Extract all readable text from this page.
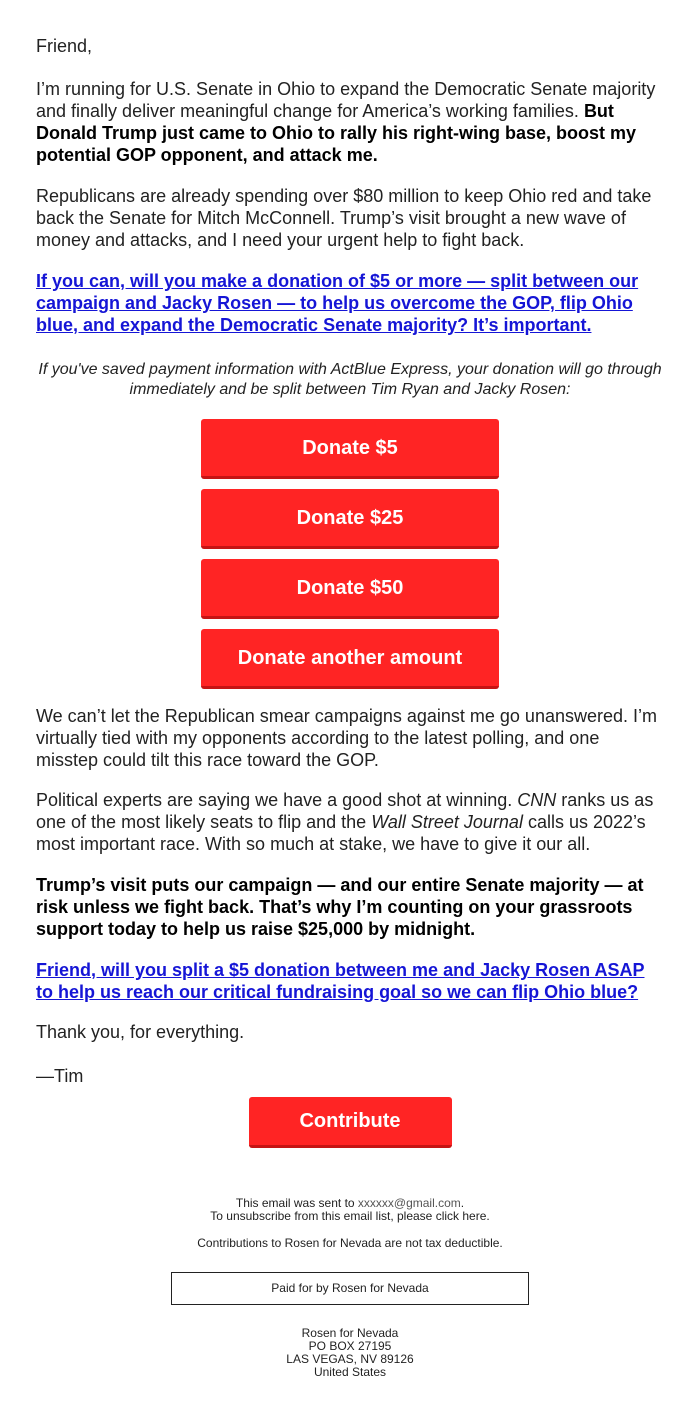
Friend,

I’m running for U.S. Senate in Ohio to expand the Democratic Senate majority and finally deliver meaningful change for America’s working families. But Donald Trump just came to Ohio to rally his right-wing base, boost my potential GOP opponent, and attack me.

Republicans are already spending over $80 million to keep Ohio red and take back the Senate for Mitch McConnell. Trump’s visit brought a new wave of money and attacks, and I need your urgent help to fight back.

If you can, will you make a donation of $5 or more — split between our campaign and Jacky Rosen — to help us overcome the GOP, flip Ohio blue, and expand the Democratic Senate majority? It’s important.

If you've saved payment information with ActBlue Express, your donation will go through immediately and be split between Tim Ryan and Jacky Rosen:

Donate $5
Donate $25
Donate $50
Donate another amount

We can’t let the Republican smear campaigns against me go unanswered. I’m virtually tied with my opponents according to the latest polling, and one misstep could tilt this race toward the GOP.

Political experts are saying we have a good shot at winning. CNN ranks us as one of the most likely seats to flip and the Wall Street Journal calls us 2022’s most important race. With so much at stake, we have to give it our all.

Trump’s visit puts our campaign — and our entire Senate majority — at risk unless we fight back. That’s why I’m counting on your grassroots support today to help us raise $25,000 by midnight.

Friend, will you split a $5 donation between me and Jacky Rosen ASAP to help us reach our critical fundraising goal so we can flip Ohio blue?

Thank you, for everything.

—Tim

Contribute
This email was sent to xxxxxx@gmail.com.
To unsubscribe from this email list, please click here.
Contributions to Rosen for Nevada are not tax deductible.
Paid for by Rosen for Nevada
Rosen for Nevada
PO BOX 27195
LAS VEGAS, NV 89126
United States
